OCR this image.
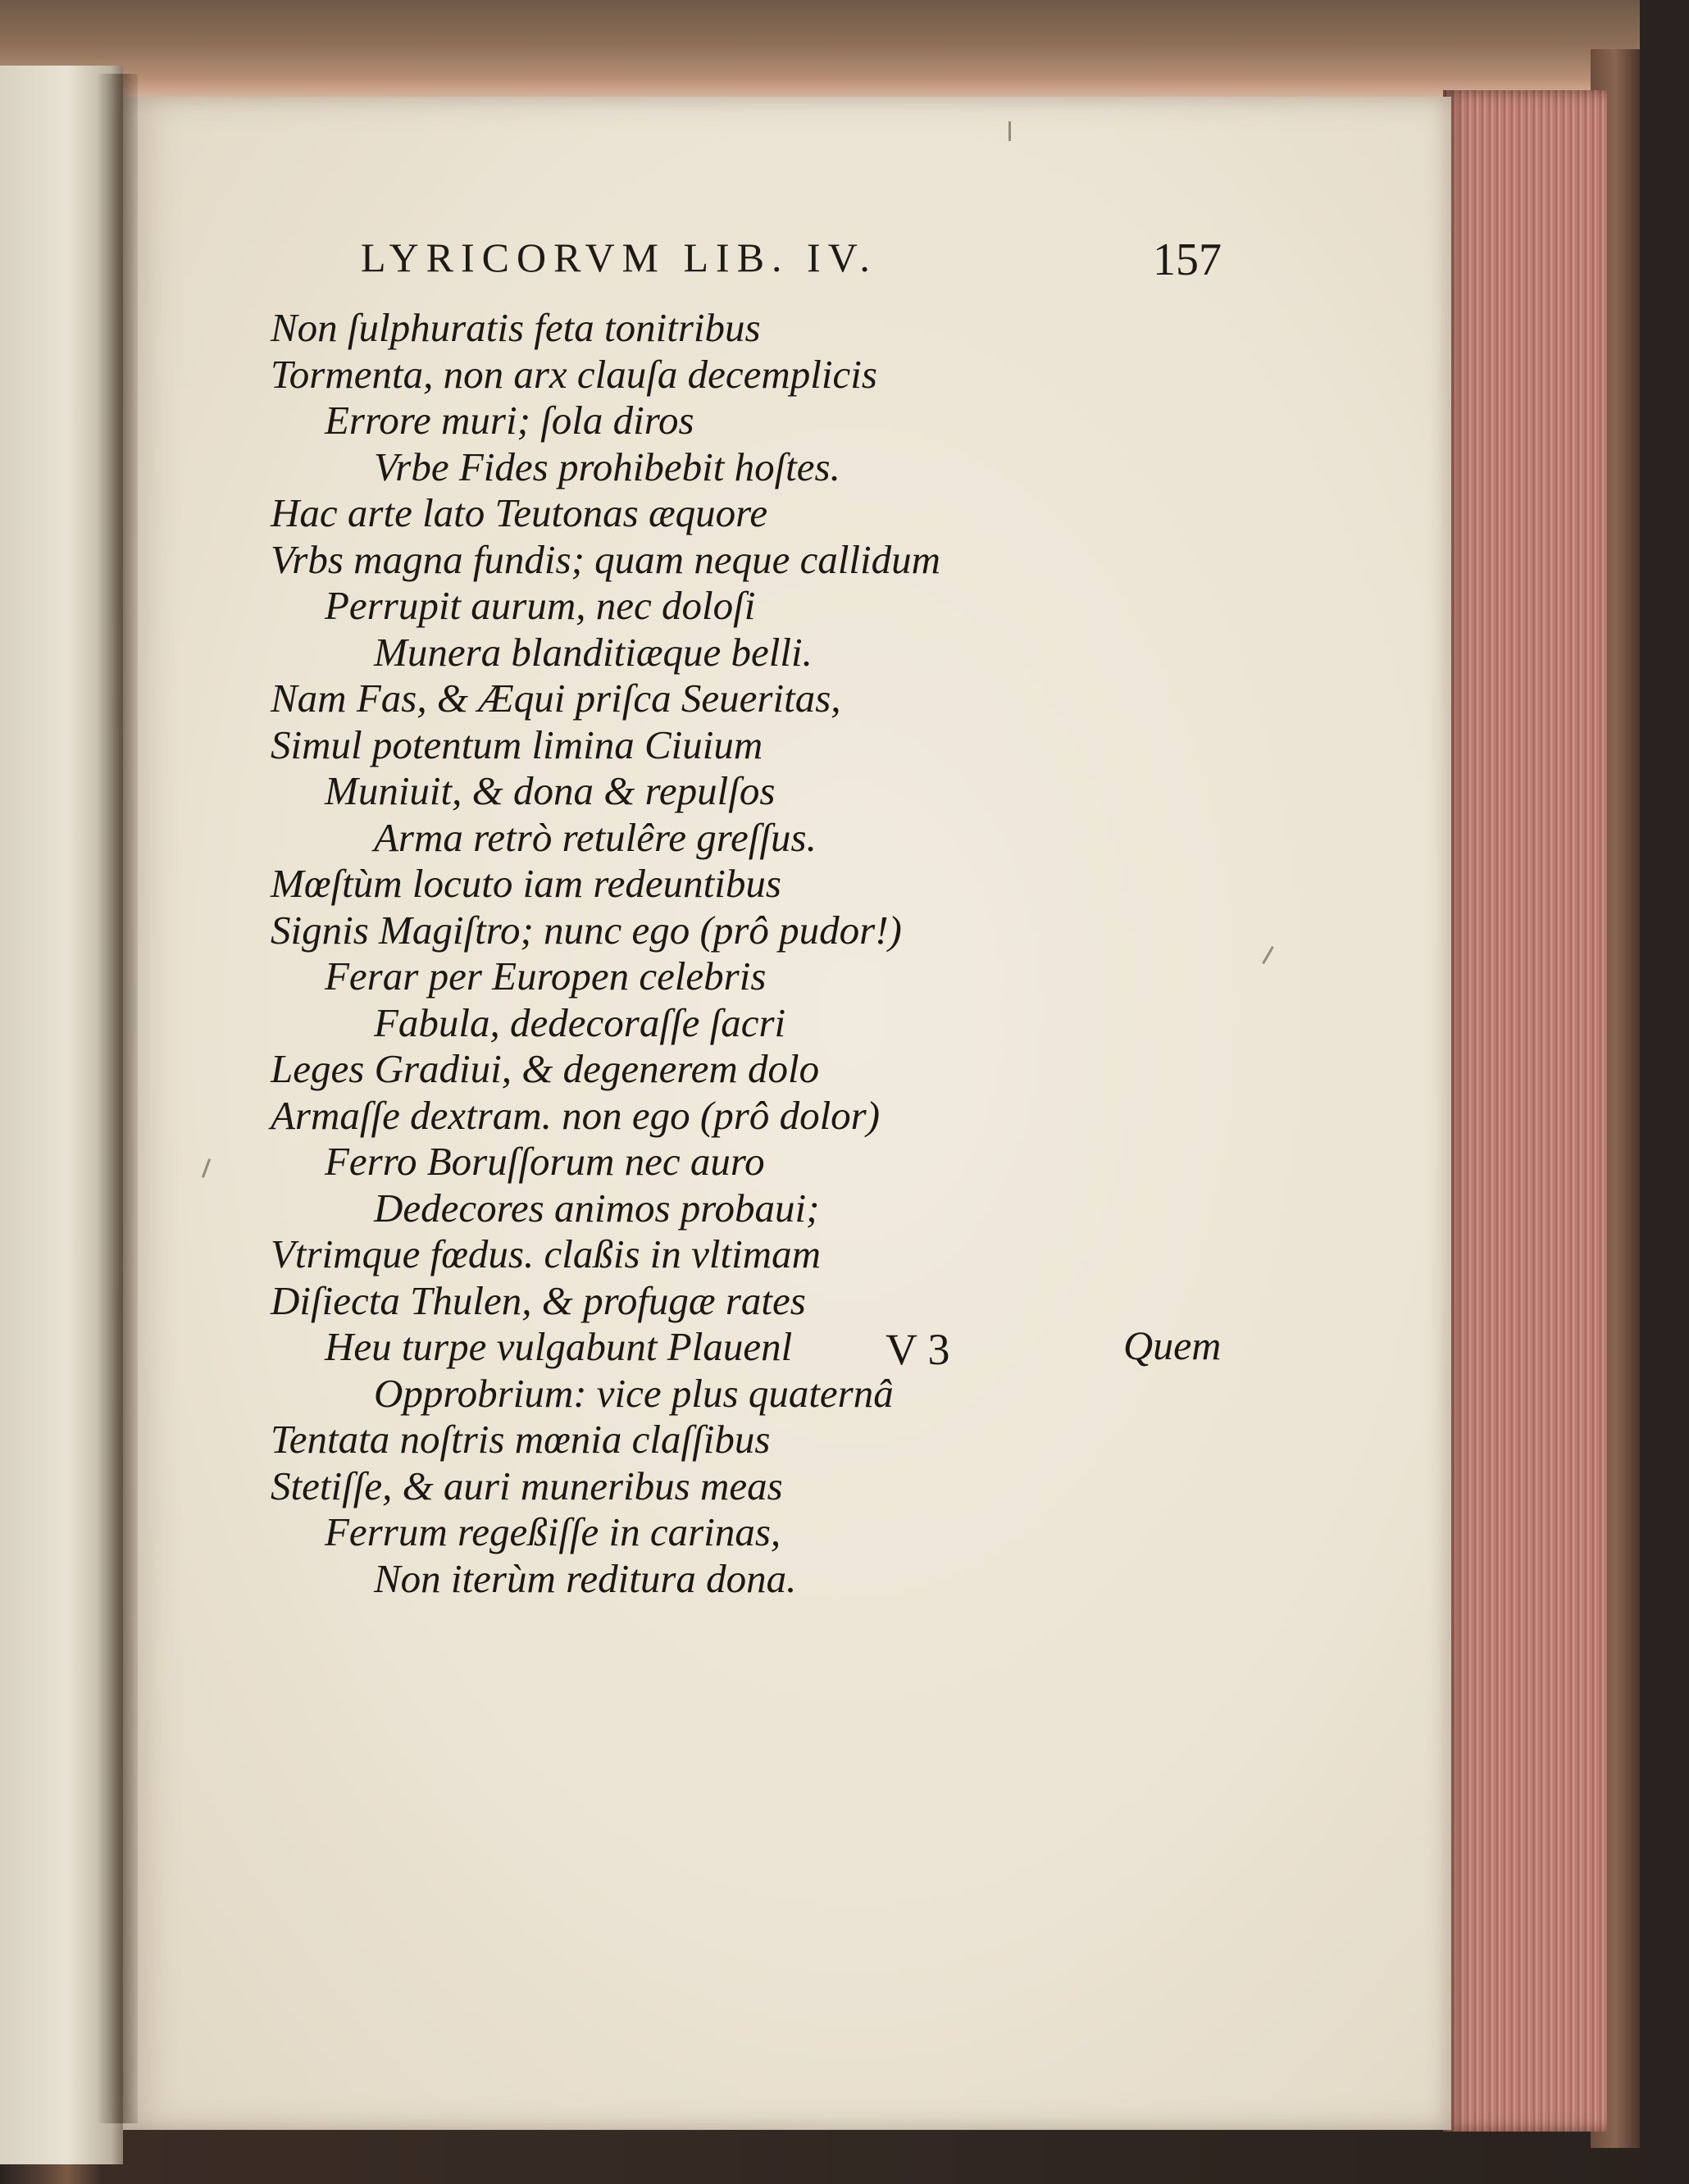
LYRICORVM LIB. IV.	157
Non ſulphuratis feta tonitribus
Tormenta, non arx clauſa decemplicis
Errore muri; ſola diros
Vrbe Fides prohibebit hoſtes.
Hac arte lato Teutonas æquore
Vrbs magna fundis; quam neque callidum
Perrupit aurum, nec doloſi
Munera blanditiæque belli.
Nam Fas, & Æqui priſca Seueritas,
Simul potentum limina Ciuium
Muniuit, & dona & repulſos
Arma retrò retulêre greſſus.
Mœſtùm locuto iam redeuntibus
Signis Magiſtro; nunc ego (prô pudor!)
Ferar per Europen celebris
Fabula, dedecoraſſe ſacri
Leges Gradiui, & degenerem dolo
Armaſſe dextram. non ego (prô dolor)
Ferro Boruſſorum nec auro
Dedecores animos probaui;
Vtrimque fœdus. claßis in vltimam
Diſiecta Thulen, & profugæ rates
Heu turpe vulgabunt Plauenl
Opprobrium: vice plus quaternâ
Tentata noſtris mœnia claſſibus
Stetiſſe, & auri muneribus meas
Ferrum regeßiſſe in carinas,
Non iterùm reditura dona.
V 3	Quem
